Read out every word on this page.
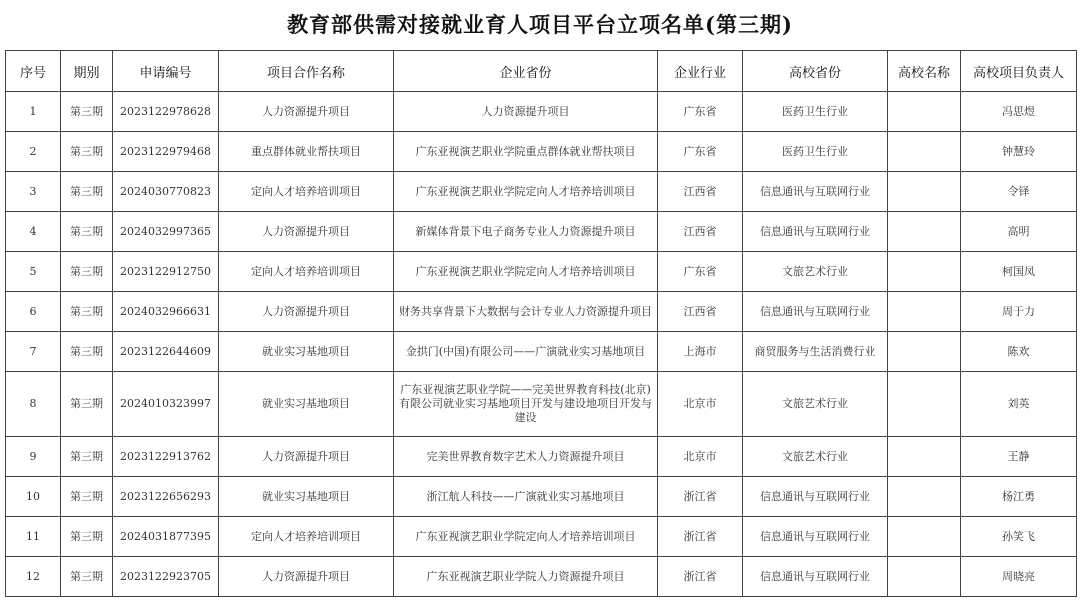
教育部供需对接就业育人项目平台立项名单(第三期)
序号	期别	申请编号	项目合作名称	企业省份	企业行业	高校省份	高校名称	高校项目负责人
1	第三期	2023122978628	人力资源提升项目	人力资源提升项目	广东省	医药卫生行业		冯思煜
2	第三期	2023122979468	重点群体就业帮扶项目	广东亚视演艺职业学院重点群体就业帮扶项目	广东省	医药卫生行业		钟慧玲
3	第三期	2024030770823	定向人才培养培训项目	广东亚视演艺职业学院定向人才培养培训项目	江西省	信息通讯与互联网行业		令铎
4	第三期	2024032997365	人力资源提升项目	新媒体背景下电子商务专业人力资源提升项目	江西省	信息通讯与互联网行业		高明
5	第三期	2023122912750	定向人才培养培训项目	广东亚视演艺职业学院定向人才培养培训项目	广东省	文旅艺术行业		柯国凤
6	第三期	2024032966631	人力资源提升项目	财务共享背景下大数据与会计专业人力资源提升项目	江西省	信息通讯与互联网行业		周于力
7	第三期	2023122644609	就业实习基地项目	金拱门(中国)有限公司——广演就业实习基地项目	上海市	商贸服务与生活消费行业		陈欢
8	第三期	2024010323997	就业实习基地项目	广东亚视演艺职业学院——完美世界教育科技(北京)有限公司就业实习基地项目开发与建设地项目开发与建设	北京市	文旅艺术行业		刘英
9	第三期	2023122913762	人力资源提升项目	完美世界教育数字艺术人力资源提升项目	北京市	文旅艺术行业		王静
10	第三期	2023122656293	就业实习基地项目	浙江航人科技——广演就业实习基地项目	浙江省	信息通讯与互联网行业		杨江勇
11	第三期	2024031877395	定向人才培养培训项目	广东亚视演艺职业学院定向人才培养培训项目	浙江省	信息通讯与互联网行业		孙笑飞
12	第三期	2023122923705	人力资源提升项目	广东亚视演艺职业学院人力资源提升项目	浙江省	信息通讯与互联网行业		周晓亮
